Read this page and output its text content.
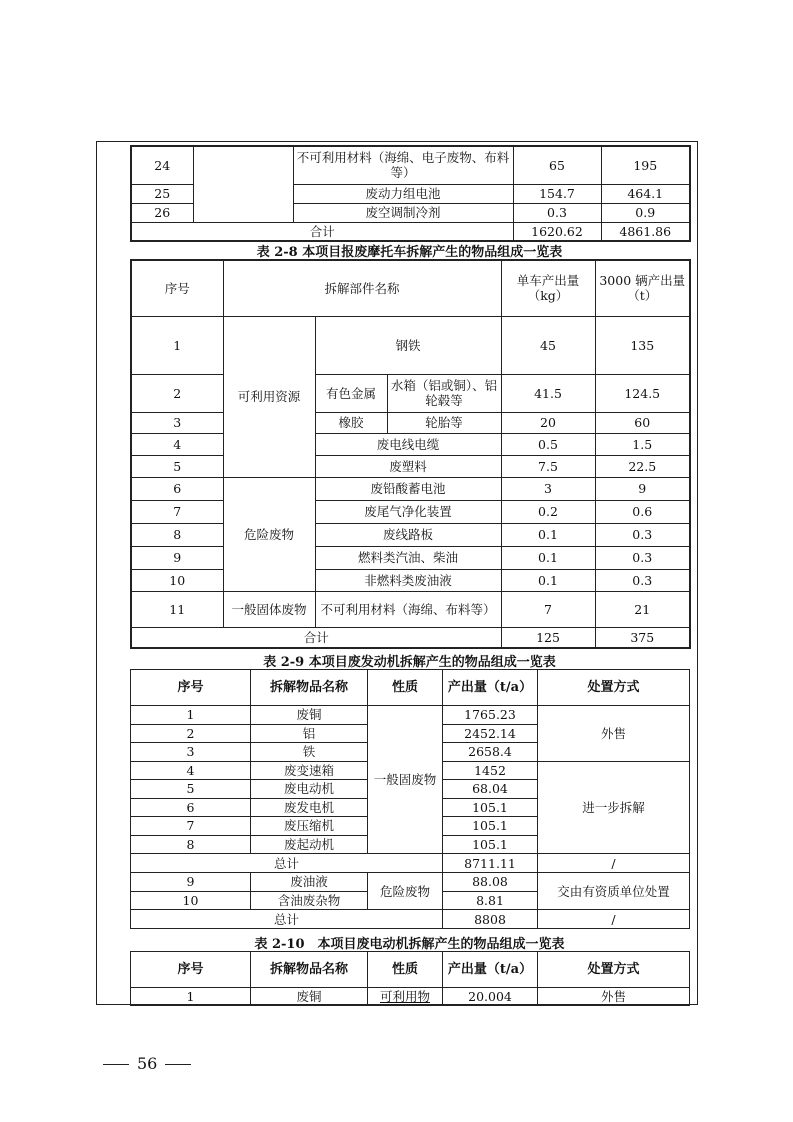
24		不可利用材料（海绵、电子废物、布料等）	65	195
25		废动力组电池	154.7	464.1
26		废空调制冷剂	0.3	0.9
合计			1620.62	4861.86
表 2-8 本项目报废摩托车拆解产生的物品组成一览表
序号	拆解部件名称			单车产出量（kg）	3000 辆产出量（t）
1	可利用资源	钢铁		45	135
2		有色金属	水箱（铝或铜）、铝轮毂等	41.5	124.5
3		橡胶	轮胎等	20	60
4		废电线电缆		0.5	1.5
5		废塑料		7.5	22.5
6	危险废物	废铅酸蓄电池		3	9
7		废尾气净化装置		0.2	0.6
8		废线路板		0.1	0.3
9		燃料类汽油、柴油		0.1	0.3
10		非燃料类废油液		0.1	0.3
11	一般固体废物	不可利用材料（海绵、布料等）		7	21
合计				125	375
表 2-9 本项目废发动机拆解产生的物品组成一览表
序号	拆解物品名称	性质	产出量（t/a）	处置方式
1	废铜	一般固废物	1765.23	外售
2	铝		2452.14	
3	铁		2658.4	
4	废变速箱		1452	进一步拆解
5	废电动机		68.04	
6	废发电机		105.1	
7	废压缩机		105.1	
8	废起动机		105.1	
总计			8711.11	/
9	废油液	危险废物	88.08	交由有资质单位处置
10	含油废杂物		8.81	
总计			8808	/
表 2-10　本项目废电动机拆解产生的物品组成一览表
序号	拆解物品名称	性质	产出量（t/a）	处置方式
1	废铜	可利用物	20.004	外售
56
